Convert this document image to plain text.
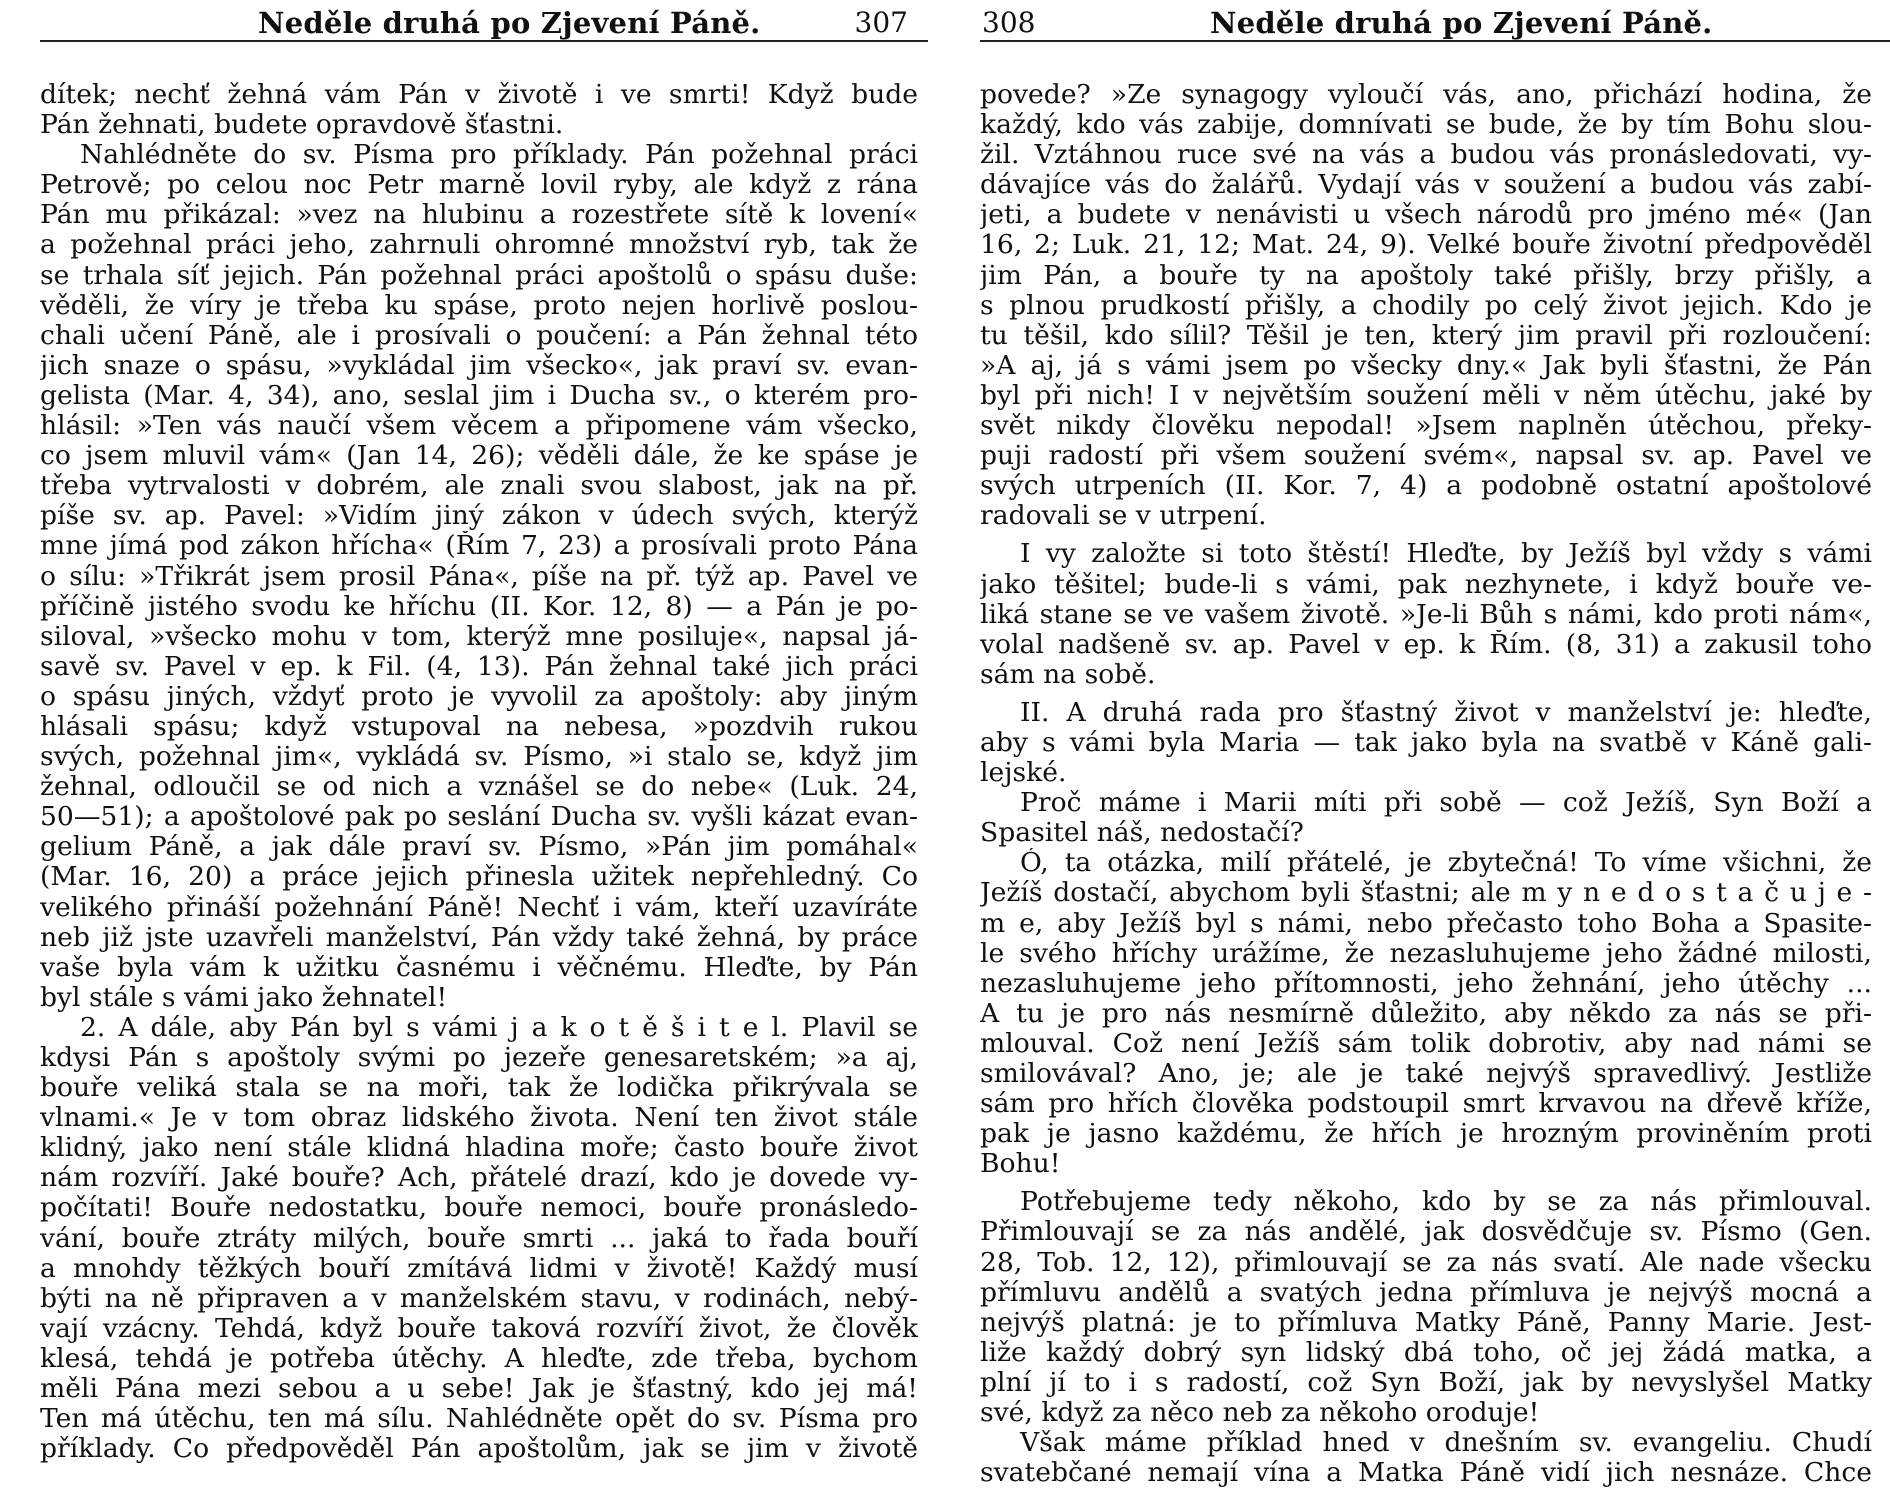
Neděle druhá po Zjevení Páně.	307
dítek; nechť žehná vám Pán v životě i ve smrti! Když bude
Pán žehnati, budete opravdově šťastni.
Nahlédněte do sv. Písma pro příklady. Pán požehnal práci
Petrově; po celou noc Petr marně lovil ryby, ale když z rána
Pán mu přikázal: »vez na hlubinu a rozestřete sítě k lovení«
a požehnal práci jeho, zahrnuli ohromné množství ryb, tak že
se trhala síť jejich. Pán požehnal práci apoštolů o spásu duše:
věděli, že víry je třeba ku spáse, proto nejen horlivě poslou-
chali učení Páně, ale i prosívali o poučení: a Pán žehnal této
jich snaze o spásu, »vykládal jim všecko«, jak praví sv. evan-
gelista (Mar. 4, 34), ano, seslal jim i Ducha sv., o kterém pro-
hlásil: »Ten vás naučí všem věcem a připomene vám všecko,
co jsem mluvil vám« (Jan 14, 26); věděli dále, že ke spáse je
třeba vytrvalosti v dobrém, ale znali svou slabost, jak na př.
píše sv. ap. Pavel: »Vidím jiný zákon v údech svých, kterýž
mne jímá pod zákon hřícha« (Řím 7, 23) a prosívali proto Pána
o sílu: »Třikrát jsem prosil Pána«, píše na př. týž ap. Pavel ve
příčině jistého svodu ke hříchu (II. Kor. 12, 8) — a Pán je po-
siloval, »všecko mohu v tom, kterýž mne posiluje«, napsal já-
savě sv. Pavel v ep. k Fil. (4, 13). Pán žehnal také jich práci
o spásu jiných, vždyť proto je vyvolil za apoštoly: aby jiným
hlásali spásu; když vstupoval na nebesa, »pozdvih rukou
svých, požehnal jim«, vykládá sv. Písmo, »i stalo se, když jim
žehnal, odloučil se od nich a vznášel se do nebe« (Luk. 24,
50—51); a apoštolové pak po seslání Ducha sv. vyšli kázat evan-
gelium Páně, a jak dále praví sv. Písmo, »Pán jim pomáhal«
(Mar. 16, 20) a práce jejich přinesla užitek nepřehledný. Co
velikého přináší požehnání Páně! Nechť i vám, kteří uzavíráte
neb již jste uzavřeli manželství, Pán vždy také žehná, by práce
vaše byla vám k užitku časnému i věčnému. Hleďte, by Pán
byl stále s vámi jako žehnatel!
2. A dále, aby Pán byl s vámi j a k o t ě š i t e l. Plavil se
kdysi Pán s apoštoly svými po jezeře genesaretském; »a aj,
bouře veliká stala se na moři, tak že lodička přikrývala se
vlnami.« Je v tom obraz lidského života. Není ten život stále
klidný, jako není stále klidná hladina moře; často bouře život
nám rozvíří. Jaké bouře? Ach, přátelé drazí, kdo je dovede vy-
počítati! Bouře nedostatku, bouře nemoci, bouře pronásledo-
vání, bouře ztráty milých, bouře smrti ... jaká to řada bouří
a mnohdy těžkých bouří zmítává lidmi v životě! Každý musí
býti na ně připraven a v manželském stavu, v rodinách, nebý-
vají vzácny. Tehdá, když bouře taková rozvíří život, že člověk
klesá, tehdá je potřeba útěchy. A hleďte, zde třeba, bychom
měli Pána mezi sebou a u sebe! Jak je šťastný, kdo jej má!
Ten má útěchu, ten má sílu. Nahlédněte opět do sv. Písma pro
příklady. Co předpověděl Pán apoštolům, jak se jim v životě
308	Neděle druhá po Zjevení Páně.
povede? »Ze synagogy vyloučí vás, ano, přichází hodina, že
každý, kdo vás zabije, domnívati se bude, že by tím Bohu slou-
žil. Vztáhnou ruce své na vás a budou vás pronásledovati, vy-
dávajíce vás do žalářů. Vydají vás v soužení a budou vás zabí-
jeti, a budete v nenávisti u všech národů pro jméno mé« (Jan
16, 2; Luk. 21, 12; Mat. 24, 9). Velké bouře životní předpověděl
jim Pán, a bouře ty na apoštoly také přišly, brzy přišly, a
s plnou prudkostí přišly, a chodily po celý život jejich. Kdo je
tu těšil, kdo sílil? Těšil je ten, který jim pravil při rozloučení:
»A aj, já s vámi jsem po všecky dny.« Jak byli šťastni, že Pán
byl při nich! I v největším soužení měli v něm útěchu, jaké by
svět nikdy člověku nepodal! »Jsem naplněn útěchou, překy-
puji radostí při všem soužení svém«, napsal sv. ap. Pavel ve
svých utrpeních (II. Kor. 7, 4) a podobně ostatní apoštolové
radovali se v utrpení.
I vy založte si toto štěstí! Hleďte, by Ježíš byl vždy s vámi
jako těšitel; bude-li s vámi, pak nezhynete, i když bouře ve-
liká stane se ve vašem životě. »Je-li Bůh s námi, kdo proti nám«,
volal nadšeně sv. ap. Pavel v ep. k Řím. (8, 31) a zakusil toho
sám na sobě.
II. A druhá rada pro šťastný život v manželství je: hleďte,
aby s vámi byla Maria — tak jako byla na svatbě v Káně gali-
lejské.
Proč máme i Marii míti při sobě — což Ježíš, Syn Boží a
Spasitel náš, nedostačí?
Ó, ta otázka, milí přátelé, je zbytečná! To víme všichni, že
Ježíš dostačí, abychom byli šťastni; ale m y n e d o s t a č u j e -
m e, aby Ježíš byl s námi, nebo přečasto toho Boha a Spasite-
le svého hříchy urážíme, že nezasluhujeme jeho žádné milosti,
nezasluhujeme jeho přítomnosti, jeho žehnání, jeho útěchy ...
A tu je pro nás nesmírně důležito, aby někdo za nás se při-
mlouval. Což není Ježíš sám tolik dobrotiv, aby nad námi se
smilovával? Ano, je; ale je také nejvýš spravedlivý. Jestliže
sám pro hřích člověka podstoupil smrt krvavou na dřevě kříže,
pak je jasno každému, že hřích je hrozným proviněním proti
Bohu!
Potřebujeme tedy někoho, kdo by se za nás přimlouval.
Přimlouvají se za nás andělé, jak dosvědčuje sv. Písmo (Gen.
28, Tob. 12, 12), přimlouvají se za nás svatí. Ale nade všecku
přímluvu andělů a svatých jedna přímluva je nejvýš mocná a
nejvýš platná: je to přímluva Matky Páně, Panny Marie. Jest-
liže každý dobrý syn lidský dbá toho, oč jej žádá matka, a
plní jí to i s radostí, což Syn Boží, jak by nevyslyšel Matky
své, když za něco neb za někoho oroduje!
Však máme příklad hned v dnešním sv. evangeliu. Chudí
svatebčané nemají vína a Matka Páně vidí jich nesnáze. Chce
